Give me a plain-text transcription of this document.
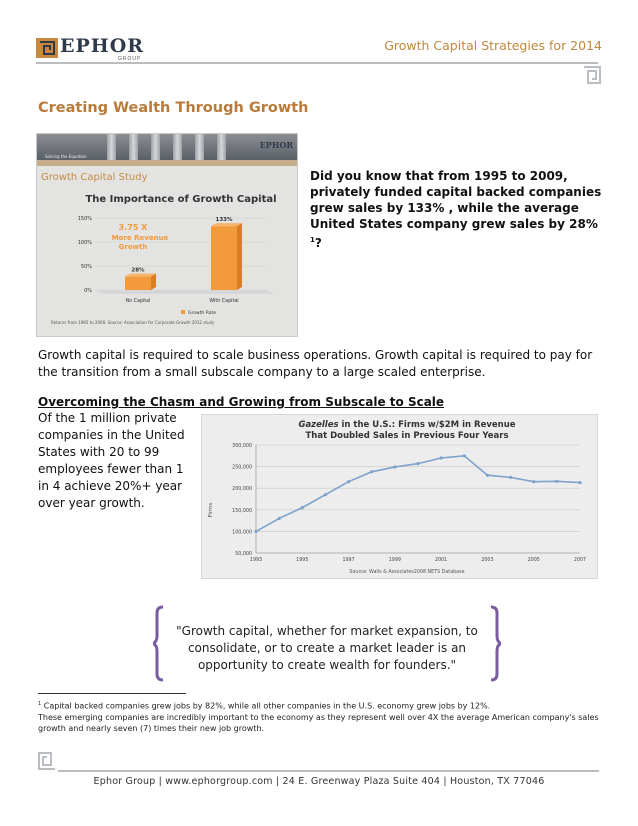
EPHOR
GROUP
Growth Capital Strategies for 2014
Creating Wealth Through Growth
Solving the Equation
EPHOR
Growth Capital Study
The Importance of Growth Capital
0%
50%
100%
150%
28%
No Capital
133%
With Capital
3.75 X
More Revenue
Growth
Growth Rate
Returns from 1985 to 2009. Source: Association for Corporate Growth 2012 study
Did you know that from 1995 to 2009, privately funded capital backed companies grew sales by 133% , while the average United States company grew sales by 28% $^1$?
Growth capital is required to scale business operations. Growth capital is required to pay for the transition from a small subscale company to a large scaled enterprise.
Overcoming the Chasm and Growing from Subscale to Scale
Of the 1 million private companies in the United States with 20 to 99 employees fewer than 1 in 4 achieve 20%+ year over year growth.
Gazelles in the U.S.: Firms w/$2M in Revenue
That Doubled Sales in Previous Four Years
Firms
50,000
100,000
150,000
200,000
250,000
300,000
1993	1995	1997	1999	2001	2003	2005	2007
Source: Walls & Associates2008 NETS Database
"Growth capital, whether for market expansion, to consolidate, or to create a market leader is an opportunity to create wealth for founders."
$^1$ Capital backed companies grew jobs by 82%, while all other companies in the U.S. economy grew jobs by 12%.
These emerging companies are incredibly important to the economy as they represent well over 4X the average American company's sales growth and nearly seven (7) times their new job growth.
Ephor Group | www.ephorgroup.com | 24 E. Greenway Plaza Suite 404 | Houston, TX 77046
